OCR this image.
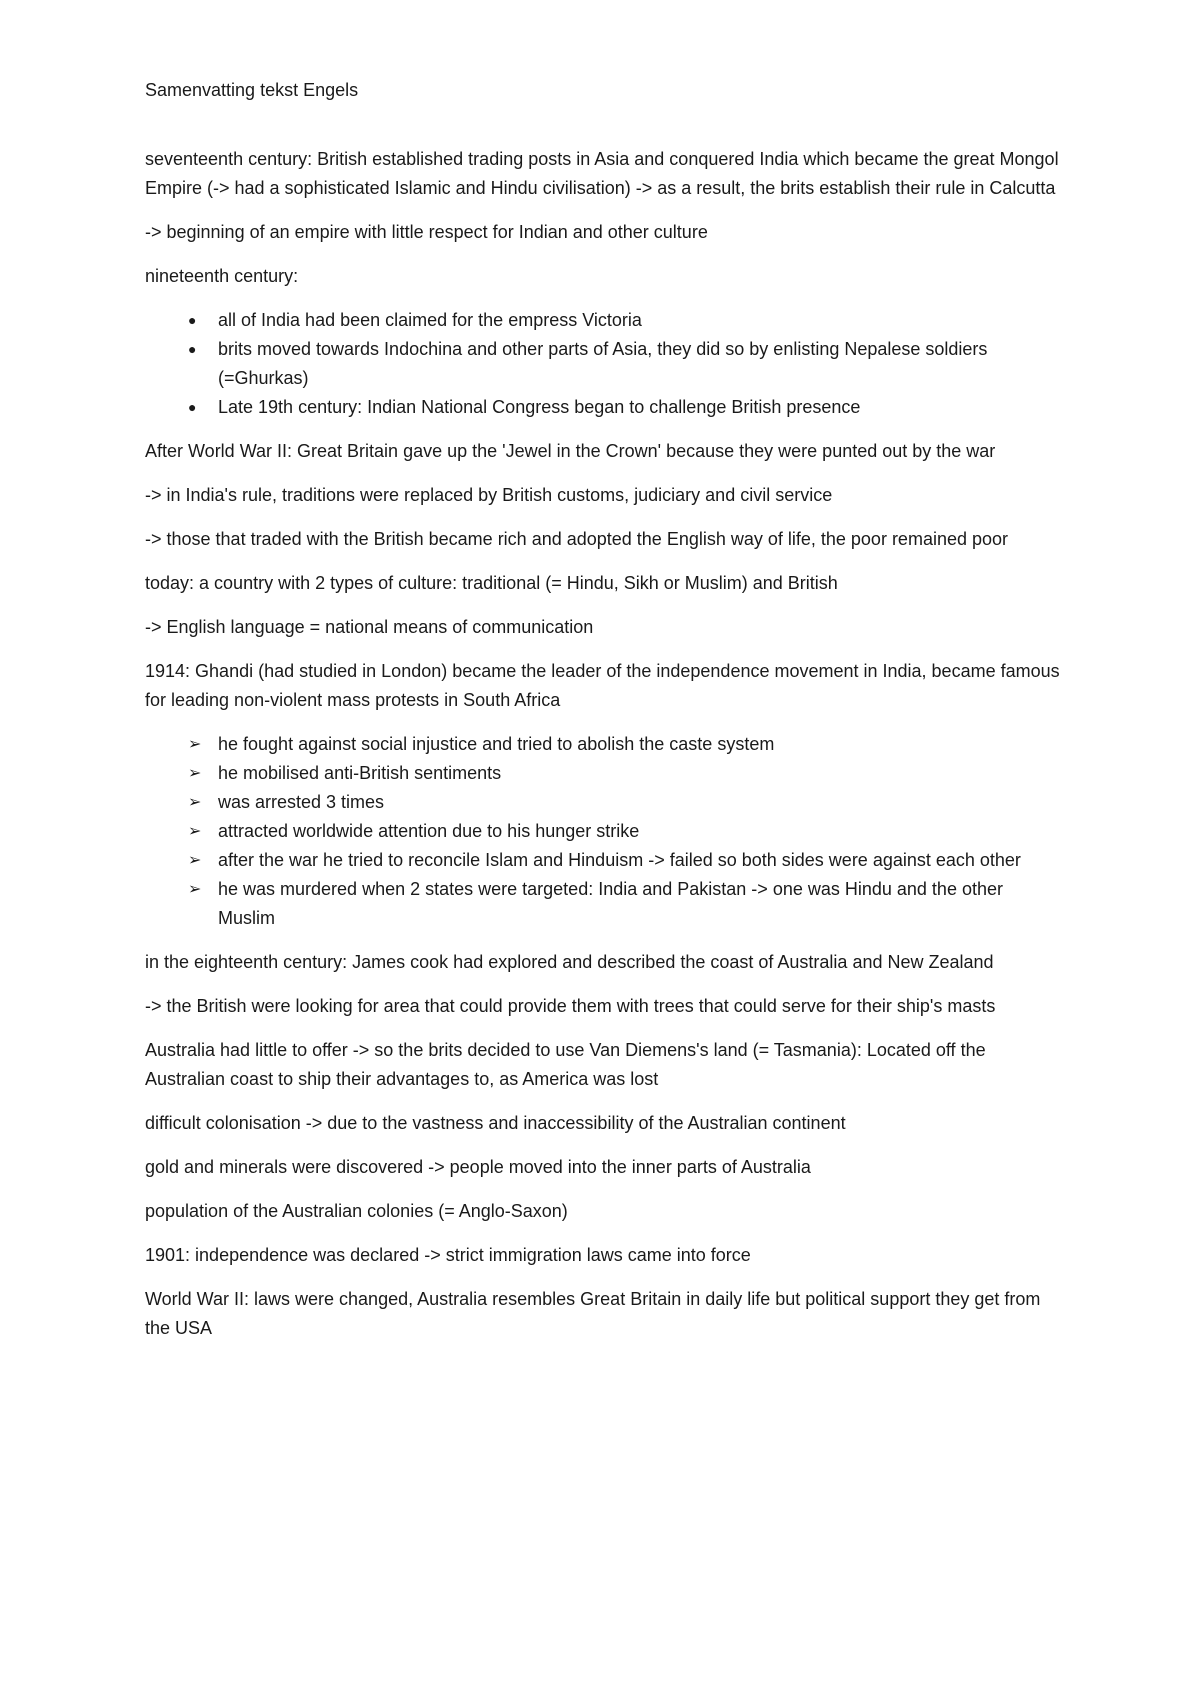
Samenvatting tekst Engels

seventeenth century: British established trading posts in Asia and conquered India which became the great Mongol Empire (-> had a sophisticated Islamic and Hindu civilisation) -> as a result, the brits establish their rule in Calcutta

-> beginning of an empire with little respect for Indian and other culture

nineteenth century:

● all of India had been claimed for the empress Victoria
● brits moved towards Indochina and other parts of Asia, they did so by enlisting Nepalese soldiers (=Ghurkas)
● Late 19th century: Indian National Congress began to challenge British presence

After World War II: Great Britain gave up the 'Jewel in the Crown' because they were punted out by the war

-> in India's rule, traditions were replaced by British customs, judiciary and civil service

-> those that traded with the British became rich and adopted the English way of life, the poor remained poor

today: a country with 2 types of culture: traditional (= Hindu, Sikh or Muslim) and British

-> English language = national means of communication

1914: Ghandi (had studied in London) became the leader of the independence movement in India, became famous for leading non-violent mass protests in South Africa

➢ he fought against social injustice and tried to abolish the caste system
➢ he mobilised anti-British sentiments
➢ was arrested 3 times
➢ attracted worldwide attention due to his hunger strike
➢ after the war he tried to reconcile Islam and Hinduism -> failed so both sides were against each other
➢ he was murdered when 2 states were targeted: India and Pakistan -> one was Hindu and the other Muslim

in the eighteenth century: James cook had explored and described the coast of Australia and New Zealand

-> the British were looking for area that could provide them with trees that could serve for their ship's masts

Australia had little to offer -> so the brits decided to use Van Diemens's land (= Tasmania): Located off the Australian coast to ship their advantages to, as America was lost

difficult colonisation -> due to the vastness and inaccessibility of the Australian continent

gold and minerals were discovered -> people moved into the inner parts of Australia

population of the Australian colonies (= Anglo-Saxon)

1901: independence was declared -> strict immigration laws came into force

World War II: laws were changed, Australia resembles Great Britain in daily life but political support they get from the USA
